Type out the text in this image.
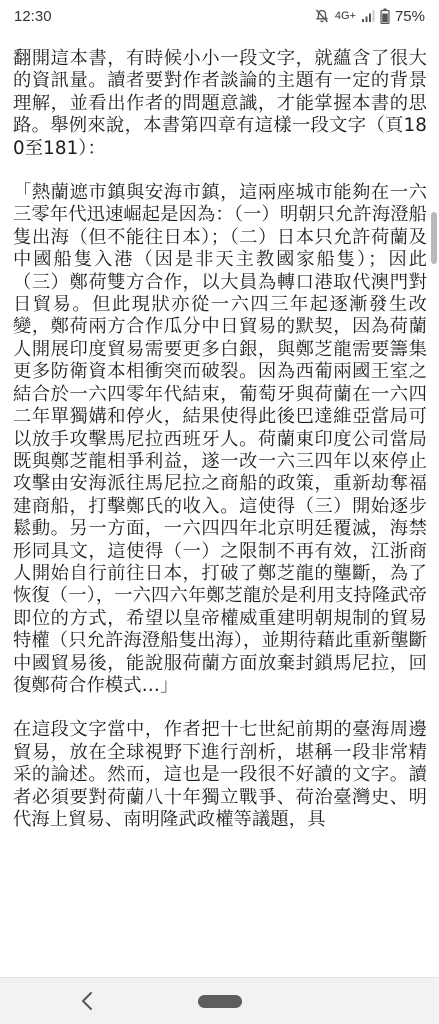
12:30	4G+	75%

翻開這本書，有時候小小一段文字，就蘊含了很大的資訊量。讀者要對作者談論的主題有一定的背景理解，並看出作者的問題意識，才能掌握本書的思路。舉例來說，本書第四章有這樣一段文字（頁180至181）：

「熱蘭遮市鎮與安海市鎮，這兩座城市能夠在一六三零年代迅速崛起是因為：（一）明朝只允許海澄船隻出海（但不能往日本）；（二）日本只允許荷蘭及中國船隻入港（因是非天主教國家船隻）；因此（三）鄭荷雙方合作，以大員為轉口港取代澳門對日貿易。但此現狀亦從一六四三年起逐漸發生改變，鄭荷兩方合作瓜分中日貿易的默契，因為荷蘭人開展印度貿易需要更多白銀，與鄭芝龍需要籌集更多防衛資本相衝突而破裂。因為西葡兩國王室之結合於一六四零年代結束，葡萄牙與荷蘭在一六四二年單獨媾和停火，結果使得此後巴達維亞當局可以放手攻擊馬尼拉西班牙人。荷蘭東印度公司當局既與鄭芝龍相爭利益，遂一改一六三四年以來停止攻擊由安海派往馬尼拉之商船的政策，重新劫奪福建商船，打擊鄭氏的收入。這使得（三）開始逐步鬆動。另一方面，一六四四年北京明廷覆滅，海禁形同具文，這使得（一）之限制不再有效，江浙商人開始自行前往日本，打破了鄭芝龍的壟斷，為了恢復（一），一六四六年鄭芝龍於是利用支持隆武帝即位的方式，希望以皇帝權威重建明朝規制的貿易特權（只允許海澄船隻出海），並期待藉此重新壟斷中國貿易後，能說服荷蘭方面放棄封鎖馬尼拉，回復鄭荷合作模式…」

在這段文字當中，作者把十七世紀前期的臺海周邊貿易，放在全球視野下進行剖析，堪稱一段非常精采的論述。然而，這也是一段很不好讀的文字。讀者必須要對荷蘭八十年獨立戰爭、荷治臺灣史、明代海上貿易、南明隆武政權等議題，具
